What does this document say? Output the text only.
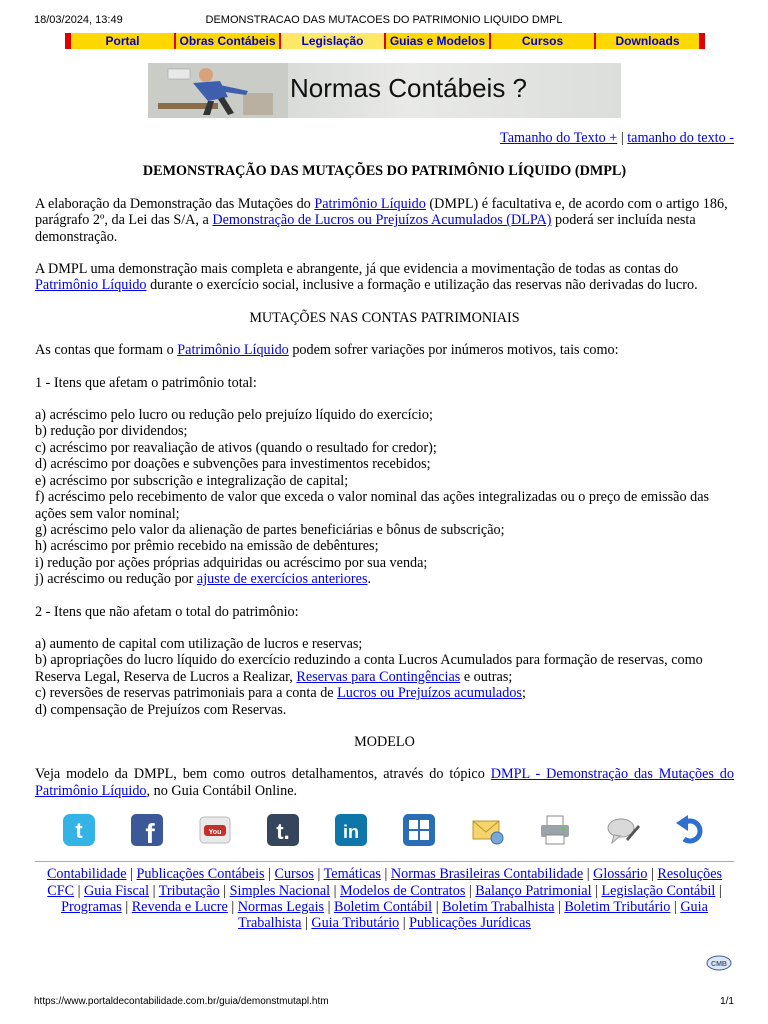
18/03/2024, 13:49	DEMONSTRACAO DAS MUTACOES DO PATRIMONIO LIQUIDO DMPL
Portal	Obras Contábeis	Legislação	Guias e Modelos	Cursos	Downloads
Normas Contábeis ?
Tamanho do Texto + | tamanho do texto -
DEMONSTRAÇÃO DAS MUTAÇÕES DO PATRIMÔNIO LÍQUIDO (DMPL)

A elaboração da Demonstração das Mutações do Patrimônio Líquido (DMPL) é facultativa e, de acordo com o artigo 186, parágrafo 2º, da Lei das S/A, a Demonstração de Lucros ou Prejuízos Acumulados (DLPA) poderá ser incluída nesta demonstração.

A DMPL uma demonstração mais completa e abrangente, já que evidencia a movimentação de todas as contas do Patrimônio Líquido durante o exercício social, inclusive a formação e utilização das reservas não derivadas do lucro.

MUTAÇÕES NAS CONTAS PATRIMONIAIS

As contas que formam o Patrimônio Líquido podem sofrer variações por inúmeros motivos, tais como:

1 - Itens que afetam o patrimônio total:

a) acréscimo pelo lucro ou redução pelo prejuízo líquido do exercício;

b) redução por dividendos;

c) acréscimo por reavaliação de ativos (quando o resultado for credor);

d) acréscimo por doações e subvenções para investimentos recebidos;

e) acréscimo por subscrição e integralização de capital;

f) acréscimo pelo recebimento de valor que exceda o valor nominal das ações integralizadas ou o preço de emissão das ações sem valor nominal;

g) acréscimo pelo valor da alienação de partes beneficiárias e bônus de subscrição;

h) acréscimo por prêmio recebido na emissão de debêntures;

i) redução por ações próprias adquiridas ou acréscimo por sua venda;

j) acréscimo ou redução por ajuste de exercícios anteriores.

2 - Itens que não afetam o total do patrimônio:

a) aumento de capital com utilização de lucros e reservas;

b) apropriações do lucro líquido do exercício reduzindo a conta Lucros Acumulados para formação de reservas, como Reserva Legal, Reserva de Lucros a Realizar, Reservas para Contingências e outras;

c) reversões de reservas patrimoniais para a conta de Lucros ou Prejuízos acumulados;

d) compensação de Prejuízos com Reservas.

MODELO

Veja modelo da DMPL, bem como outros detalhamentos, através do tópico DMPL - Demonstração das Mutações do Patrimônio Líquido, no Guia Contábil Online.

t f	You t.	in
Contabilidade | Publicações Contábeis | Cursos | Temáticas | Normas Brasileiras Contabilidade | Glossário | Resoluções CFC | Guia Fiscal | Tributação | Simples Nacional | Modelos de Contratos | Balanço Patrimonial | Legislação Contábil | Programas | Revenda e Lucre | Normas Legais | Boletim Contábil | Boletim Trabalhista | Boletim Tributário | Guia Trabalhista | Guia Tributário | Publicações Jurídicas
CMB
https://www.portaldecontabilidade.com.br/guia/demonstmutapl.htm	1/1
